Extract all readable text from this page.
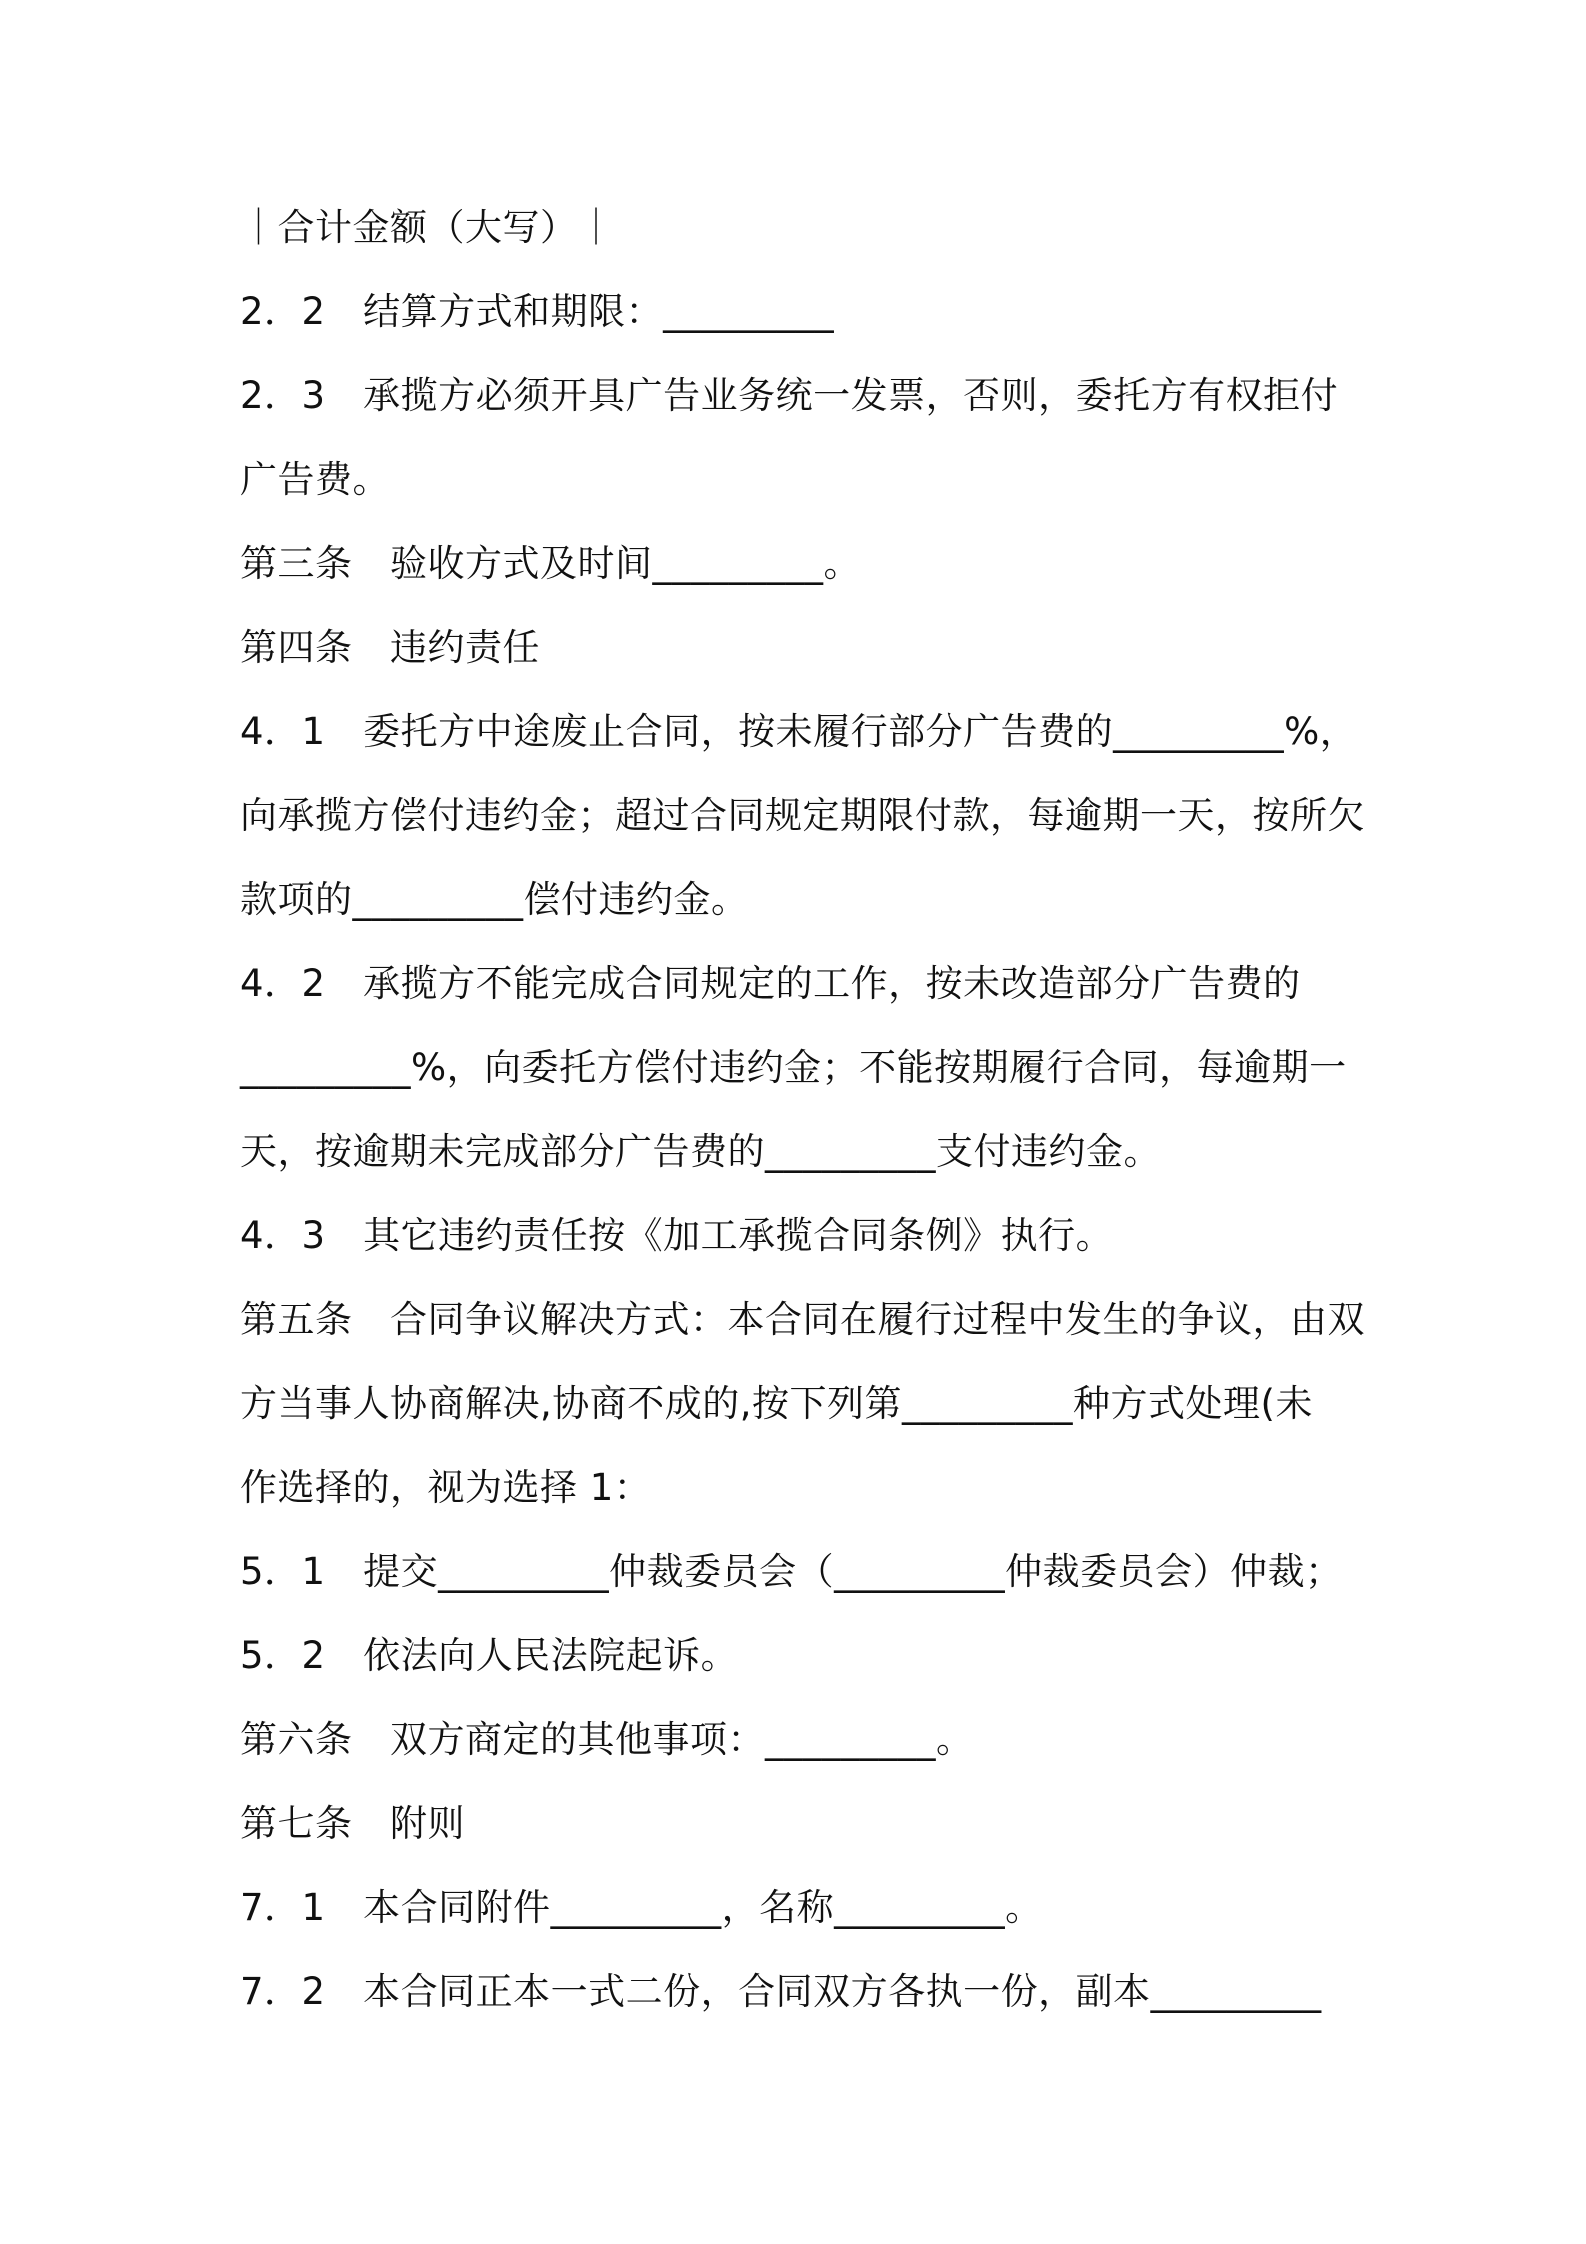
｜合计金额（大写）｜
2．2　结算方式和期限：_________
2．3　承揽方必须开具广告业务统一发票，否则，委托方有权拒付
广告费。
第三条　验收方式及时间_________。
第四条　违约责任
4．1　委托方中途废止合同，按未履行部分广告费的_________%，
向承揽方偿付违约金；超过合同规定期限付款，每逾期一天，按所欠
款项的_________偿付违约金。
4．2　承揽方不能完成合同规定的工作，按未改造部分广告费的
_________%，向委托方偿付违约金；不能按期履行合同，每逾期一
天，按逾期未完成部分广告费的_________支付违约金。
4．3　其它违约责任按《加工承揽合同条例》执行。
第五条　合同争议解决方式：本合同在履行过程中发生的争议，由双
方当事人协商解决,协商不成的,按下列第_________种方式处理(未
作选择的，视为选择 1：
5．1　提交_________仲裁委员会（_________仲裁委员会）仲裁；
5．2　依法向人民法院起诉。
第六条　双方商定的其他事项：_________。
第七条　附则
7．1　本合同附件_________，名称_________。
7．2　本合同正本一式二份，合同双方各执一份，副本_________
